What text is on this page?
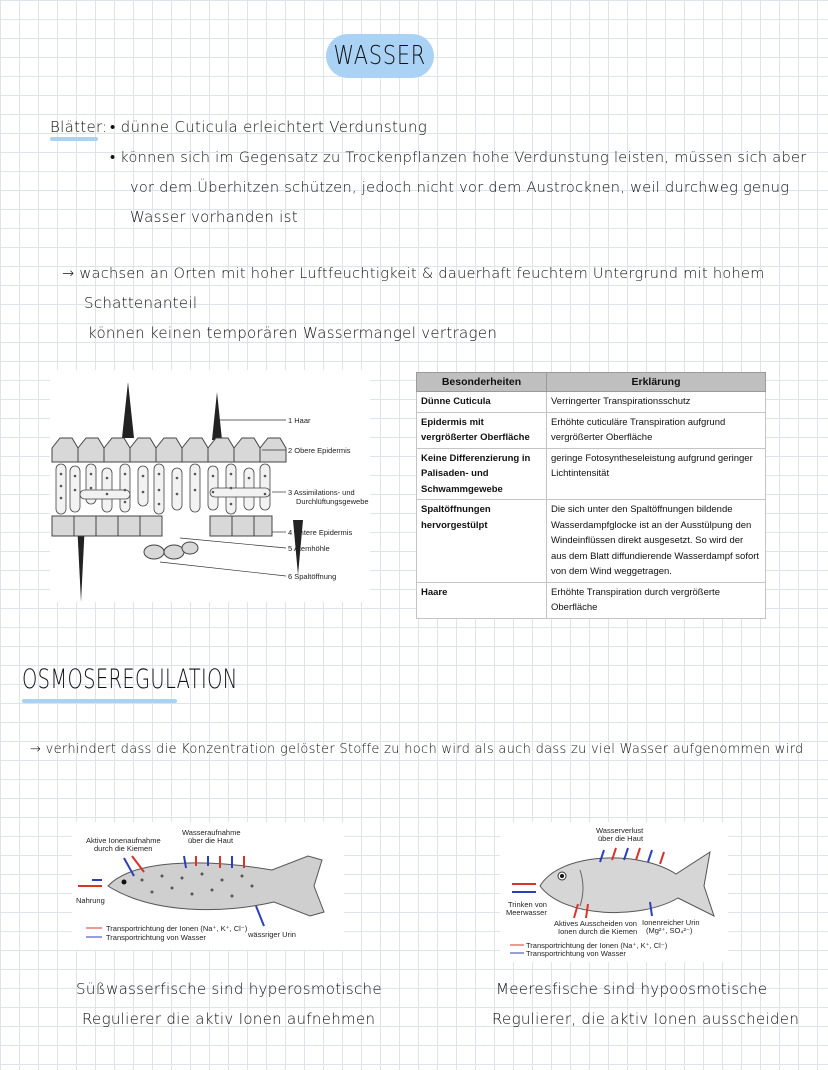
WASSER
Blätter: • dünne Cuticula erleichtert Verdunstung
• können sich im Gegensatz zu Trockenpflanzen hohe Verdunstung leisten, müssen sich aber
vor dem Überhitzen schützen, jedoch nicht vor dem Austrocknen, weil durchweg genug
Wasser vorhanden ist
→ wachsen an Orten mit hoher Luftfeuchtigkeit & dauerhaft feuchtem Untergrund mit hohem
Schattenanteil
können keinen temporären Wassermangel vertragen
1 Haar
2 Obere Epidermis
3 Assimilations- und
Durchlüftungsgewebe
4 Untere Epidermis
5 Atemhöhle
6 Spaltöffnung
Besonderheiten	Erklärung
Dünne Cuticula	Verringerter Transpirationsschutz
Epidermis mit vergrößerter Oberfläche	Erhöhte cuticuläre Transpiration aufgrund vergrößerter Oberfläche
Keine Differenzierung in Palisaden- und Schwammgewebe	geringe Fotosyntheseleistung aufgrund geringer Lichtintensität
Spaltöffnungen hervorgestülpt	Die sich unter den Spaltöffnungen bildende Wasserdampfglocke ist an der Ausstülpung den Windeinflüssen direkt ausgesetzt. So wird der aus dem Blatt diffundierende Wasserdampf sofort von dem Wind weggetragen.
Haare	Erhöhte Transpiration durch vergrößerte Oberfläche
OSMOSEREGULATION
→ verhindert dass die Konzentration gelöster Stoffe zu hoch wird als auch dass zu viel Wasser aufgenommen wird
Aktive Ionenaufnahme
durch die Kiemen
Wasseraufnahme
über die Haut
Nahrung
wässriger Urin
Transportrichtung der Ionen (Na⁺, K⁺, Cl⁻)
Transportrichtung von Wasser
Wasserverlust
über die Haut
Trinken von
Meerwasser
Aktives Ausscheiden von
Ionen durch die Kiemen
Ionenreicher Urin
(Mg²⁺, SO₄²⁻)
Transportrichtung der Ionen (Na⁺, K⁺, Cl⁻)
Transportrichtung von Wasser
Süßwasserfische sind hyperosmotische
Regulierer die aktiv Ionen aufnehmen
Meeresfische sind hypoosmotische
Regulierer, die aktiv Ionen ausscheiden
